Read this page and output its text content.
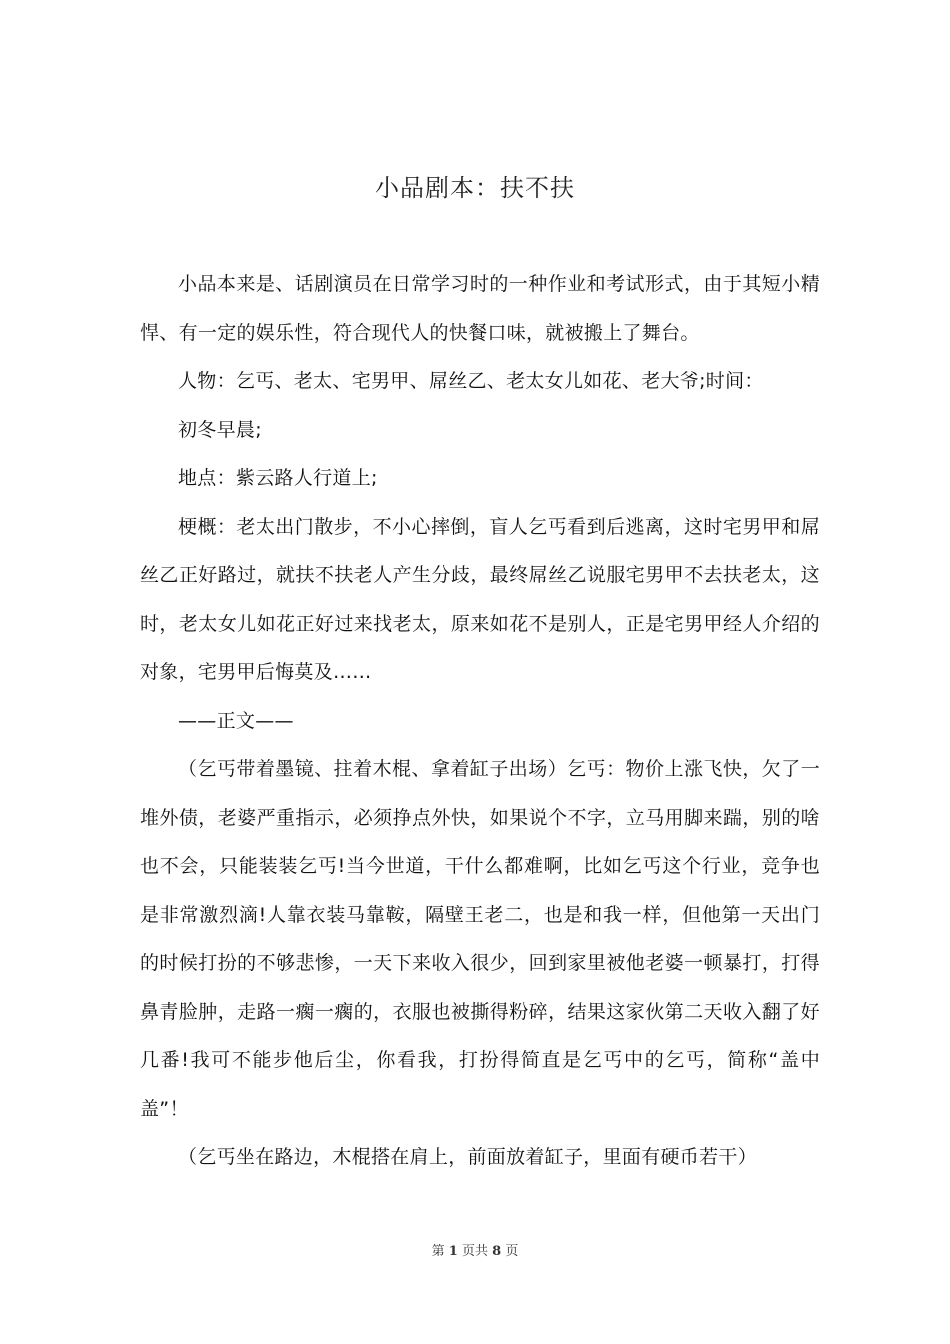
小品剧本：扶不扶

小品本来是、话剧演员在日常学习时的一种作业和考试形式，由于其短小精悍、有一定的娱乐性，符合现代人的快餐口味，就被搬上了舞台。

人物：乞丐、老太、宅男甲、屌丝乙、老太女儿如花、老大爷;时间：

初冬早晨;

地点：紫云路人行道上;

梗概：老太出门散步，不小心摔倒，盲人乞丐看到后逃离，这时宅男甲和屌丝乙正好路过，就扶不扶老人产生分歧，最终屌丝乙说服宅男甲不去扶老太，这时，老太女儿如花正好过来找老太，原来如花不是别人，正是宅男甲经人介绍的对象，宅男甲后悔莫及……

——正文——

（乞丐带着墨镜、拄着木棍、拿着缸子出场）乞丐：物价上涨飞快，欠了一堆外债，老婆严重指示，必须挣点外快，如果说个不字，立马用脚来踹，别的啥也不会，只能装装乞丐!当今世道，干什么都难啊，比如乞丐这个行业，竞争也是非常激烈滴!人靠衣装马靠鞍，隔壁王老二，也是和我一样，但他第一天出门的时候打扮的不够悲惨，一天下来收入很少，回到家里被他老婆一顿暴打，打得鼻青脸肿，走路一瘸一瘸的，衣服也被撕得粉碎，结果这家伙第二天收入翻了好几番!我可不能步他后尘，你看我，打扮得简直是乞丐中的乞丐，简称“盖中盖”！

（乞丐坐在路边，木棍搭在肩上，前面放着缸子，里面有硬币若干）

第 1 页共 8 页
